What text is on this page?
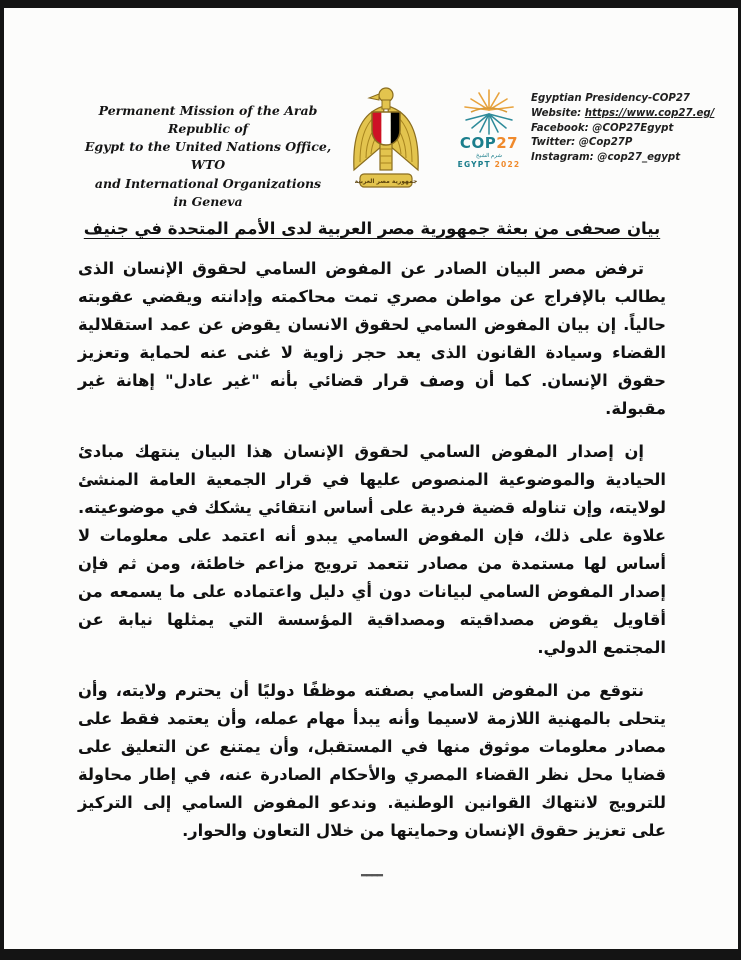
Permanent Mission of the Arab Republic of
Egypt to the United Nations Office, WTO
and International Organizations
in Geneva
جمهورية مصر العربية
COP27
شرم الشيخ
EGYPT 2022
Egyptian Presidency-COP27
Website: https://www.cop27.eg/
Facebook: @COP27Egypt
Twitter: @Cop27P
Instagram: @cop27_egypt
بيان صحفى من بعثة جمهورية مصر العربية لدى الأمم المتحدة في جنيف

ترفض مصر البيان الصادر عن المفوض السامي لحقوق الإنسان الذى يطالب بالإفراج عن مواطن مصري تمت محاكمته وإدانته ويقضي عقوبته حالياً. إن بيان المفوض السامي لحقوق الانسان يقوض عن عمد استقلالية القضاء وسيادة القانون الذى يعد حجر زاوية لا غنى عنه لحماية وتعزيز حقوق الإنسان. كما أن وصف قرار قضائي بأنه "غير عادل" إهانة غير مقبولة.

إن إصدار المفوض السامي لحقوق الإنسان هذا البيان ينتهك مبادئ الحيادية والموضوعية المنصوص عليها في قرار الجمعية العامة المنشئ لولايته، وإن تناوله قضية فردية على أساس انتقائي يشكك في موضوعيته. علاوة على ذلك، فإن المفوض السامي يبدو أنه اعتمد على معلومات لا أساس لها مستمدة من مصادر تتعمد ترويج مزاعم خاطئة، ومن ثم فإن إصدار المفوض السامي لبيانات دون أي دليل واعتماده على ما يسمعه من أقاويل يقوض مصداقيته ومصداقية المؤسسة التي يمثلها نيابة عن المجتمع الدولي.

نتوقع من المفوض السامي بصفته موظفًا دوليًا أن يحترم ولايته، وأن يتحلى بالمهنية اللازمة لاسيما وأنه يبدأ مهام عمله، وأن يعتمد فقط على مصادر معلومات موثوق منها في المستقبل، وأن يمتنع عن التعليق على قضايا محل نظر القضاء المصري والأحكام الصادرة عنه، في إطار محاولة للترويج لانتهاك القوانين الوطنية. وندعو المفوض السامي إلى التركيز على تعزيز حقوق الإنسان وحمايتها من خلال التعاون والحوار.

ــــ
